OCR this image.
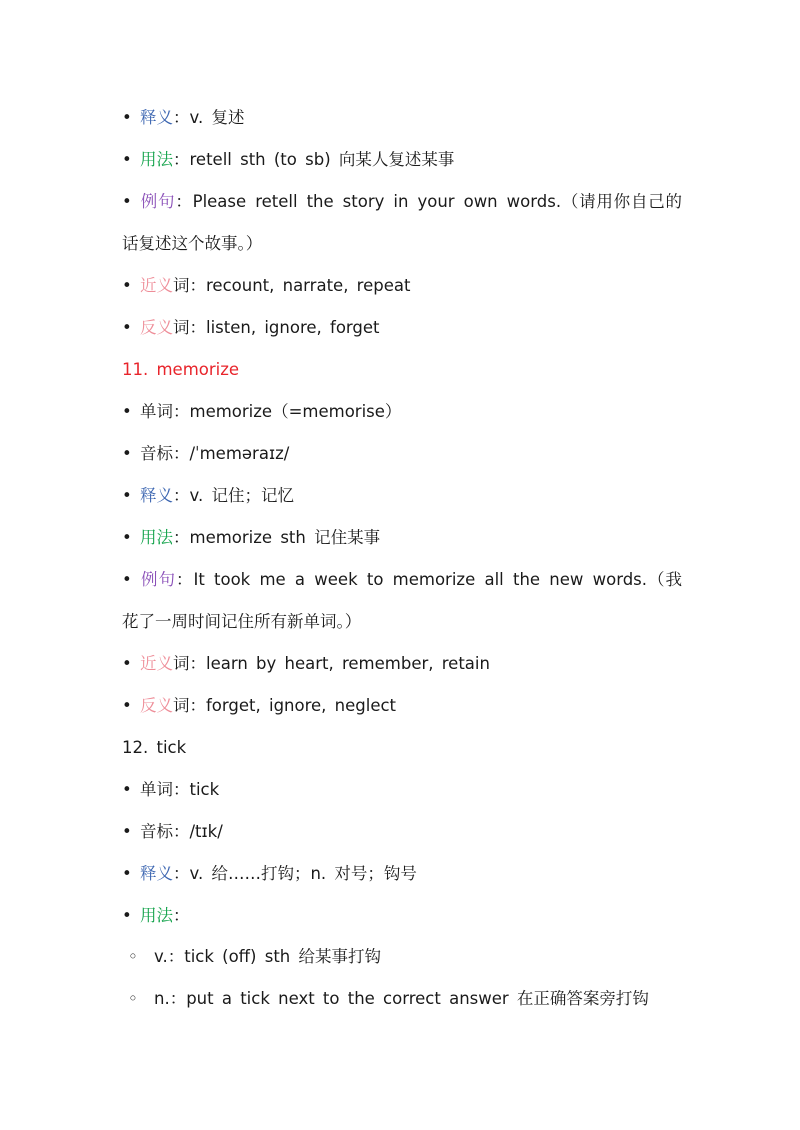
• 释义：v. 复述
• 用法：retell sth (to sb) 向某人复述某事
• 例句：Please retell the story in your own words.（请用你自己的话复述这个故事。）
• 近义词：recount, narrate, repeat
• 反义词：listen, ignore, forget
11. memorize
• 单词：memorize（=memorise）
• 音标：/ˈmeməraɪz/
• 释义：v. 记住；记忆
• 用法：memorize sth 记住某事
• 例句：It took me a week to memorize all the new words.（我花了一周时间记住所有新单词。）
• 近义词：learn by heart, remember, retain
• 反义词：forget, ignore, neglect
12. tick
• 单词：tick
• 音标：/tɪk/
• 释义：v. 给……打钩；n. 对号；钩号
• 用法：
◦ v.：tick (off) sth 给某事打钩
◦ n.：put a tick next to the correct answer 在正确答案旁打钩
